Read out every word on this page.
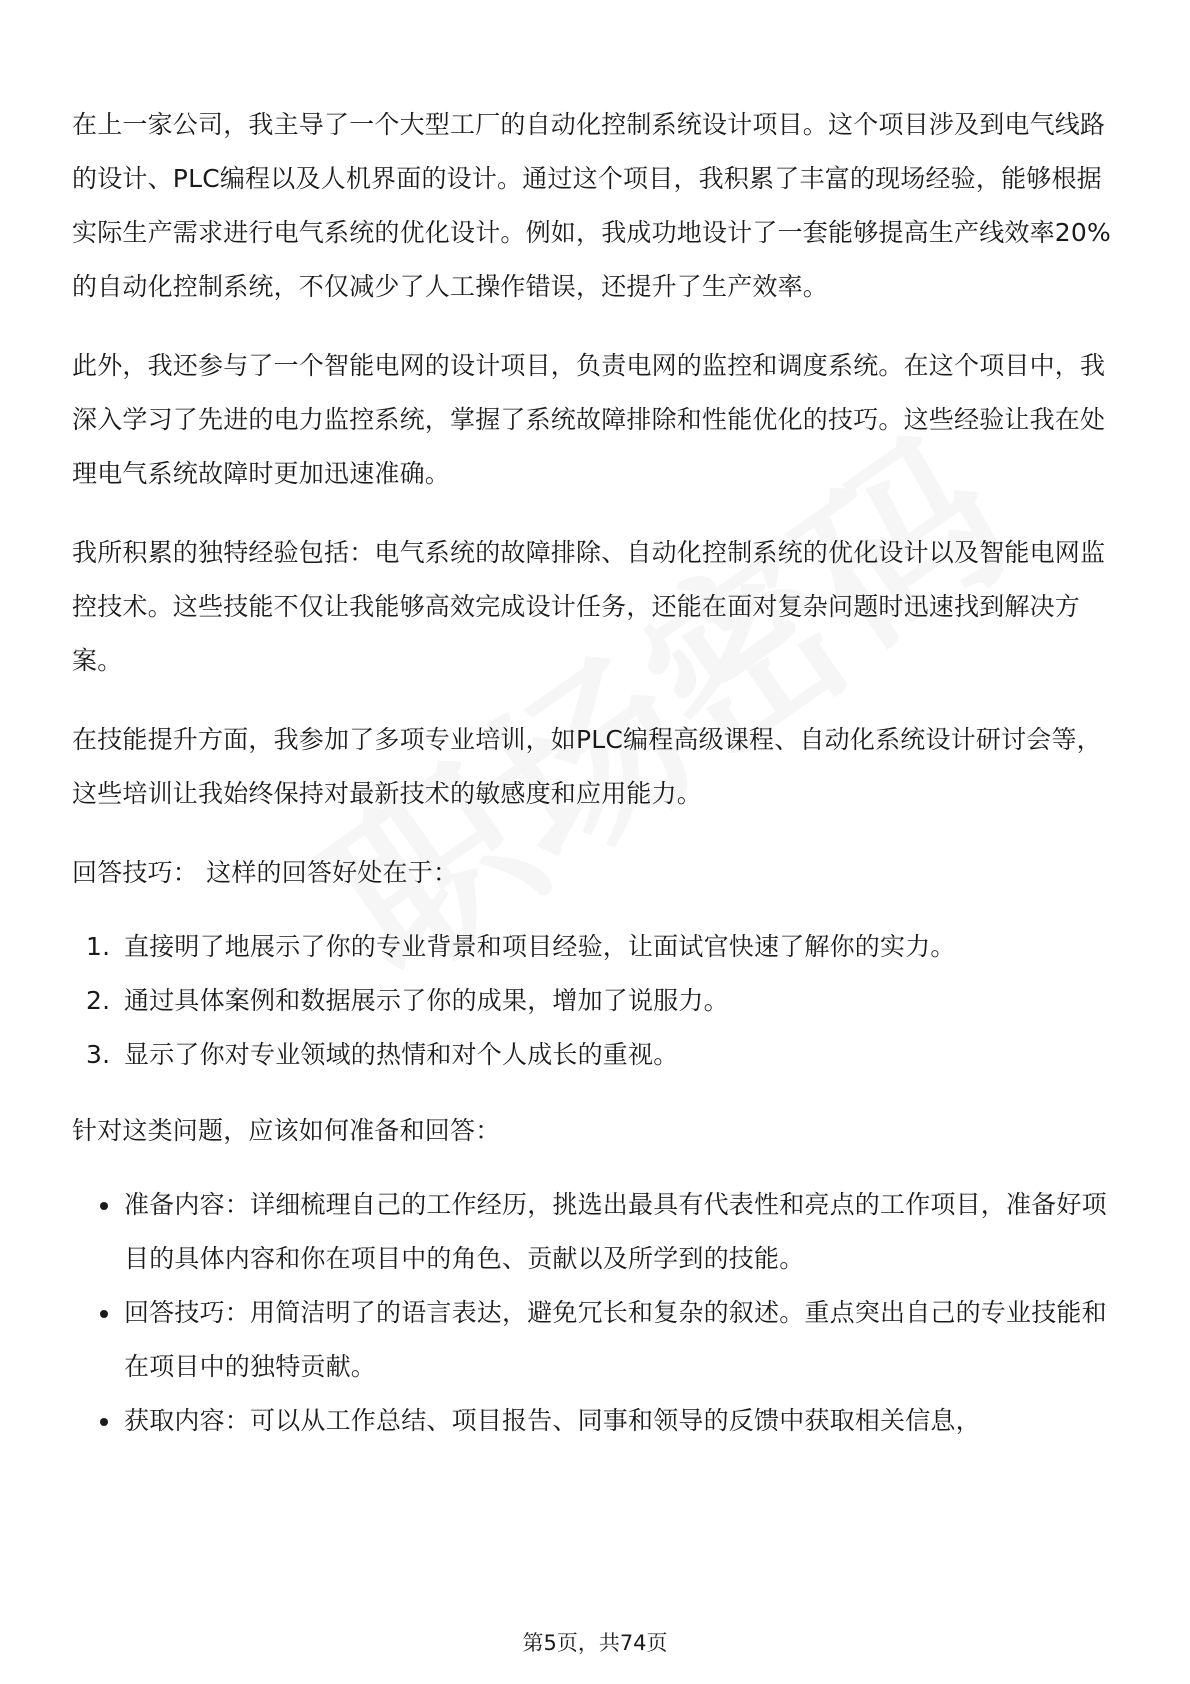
在上一家公司，我主导了一个大型工厂的自动化控制系统设计项目。这个项目涉及到电气线路的设计、PLC编程以及人机界面的设计。通过这个项目，我积累了丰富的现场经验，能够根据实际生产需求进行电气系统的优化设计。例如，我成功地设计了一套能够提高生产线效率20%的自动化控制系统，不仅减少了人工操作错误，还提升了生产效率。

此外，我还参与了一个智能电网的设计项目，负责电网的监控和调度系统。在这个项目中，我深入学习了先进的电力监控系统，掌握了系统故障排除和性能优化的技巧。这些经验让我在处理电气系统故障时更加迅速准确。

我所积累的独特经验包括：电气系统的故障排除、自动化控制系统的优化设计以及智能电网监控技术。这些技能不仅让我能够高效完成设计任务，还能在面对复杂问题时迅速找到解决方案。

在技能提升方面，我参加了多项专业培训，如PLC编程高级课程、自动化系统设计研讨会等，这些培训让我始终保持对最新技术的敏感度和应用能力。

回答技巧： 这样的回答好处在于：

1. 直接明了地展示了你的专业背景和项目经验，让面试官快速了解你的实力。
2. 通过具体案例和数据展示了你的成果，增加了说服力。
3. 显示了你对专业领域的热情和对个人成长的重视。

针对这类问题，应该如何准备和回答：

准备内容：详细梳理自己的工作经历，挑选出最具有代表性和亮点的工作项目，准备好项目的具体内容和你在项目中的角色、贡献以及所学到的技能。
回答技巧：用简洁明了的语言表达，避免冗长和复杂的叙述。重点突出自己的专业技能和在项目中的独特贡献。
获取内容：可以从工作总结、项目报告、同事和领导的反馈中获取相关信息，
第5页，共74页
